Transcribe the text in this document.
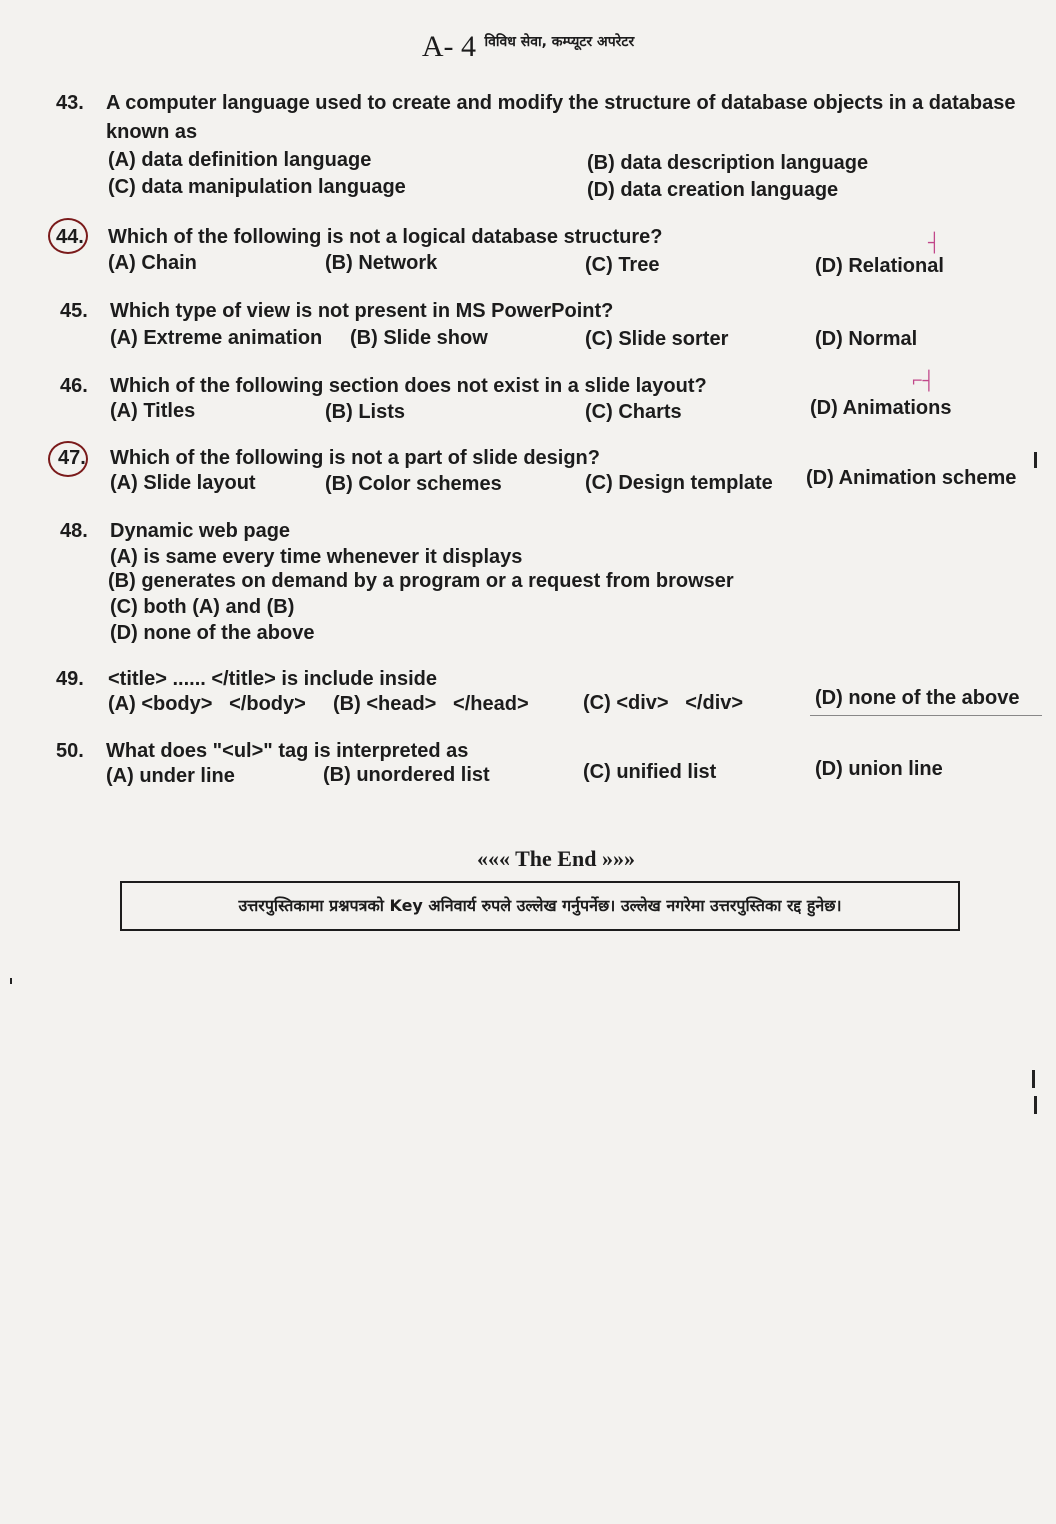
A- 4 विविध सेवा, कम्प्यूटर अपरेटर
43. A computer language used to create and modify the structure of database objects in a database
known as
(A) data definition language	(B) data description language
(C) data manipulation language	(D) data creation language
44. Which of the following is not a logical database structure?
(A) Chain	(B) Network	(C) Tree	(D) Relational
┤
45. Which type of view is not present in MS PowerPoint?
(A) Extreme animation (B) Slide show	(C) Slide sorter	(D) Normal
46. Which of the following section does not exist in a slide layout?
(A) Titles	(B) Lists	(C) Charts	(D) Animations
⌐┤
47. Which of the following is not a part of slide design?
(A) Slide layout	(B) Color schemes	(C) Design template (D) Animation scheme
48. Dynamic web page
(A) is same every time whenever it displays
(B) generates on demand by a program or a request from browser
(C) both (A) and (B)
(D) none of the above
49. <title> ...... </title> is include inside
(A) <body>   </body> (B) <head>   </head>	(C) <div>   </div>	(D) none of the above
50. What does "<ul>" tag is interpreted as
(A) under line	(B) unordered list	(C) unified list	(D) union line
««« The End »»»
उत्तरपुस्तिकामा प्रश्नपत्रको Key अनिवार्य रुपले उल्लेख गर्नुपर्नेछ। उल्लेख नगरेमा उत्तरपुस्तिका रद्द हुनेछ।
